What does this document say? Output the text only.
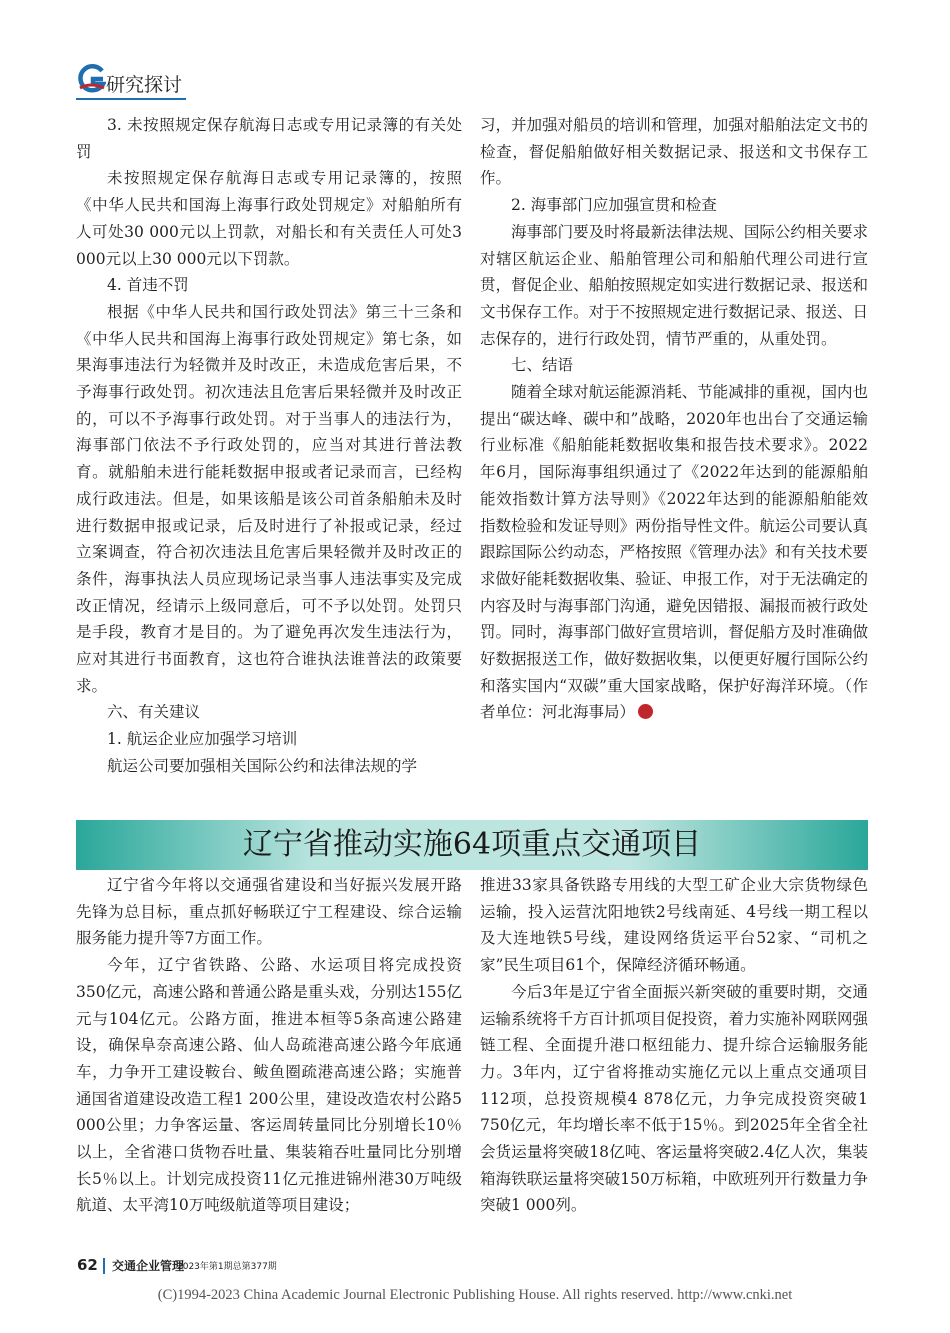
研究探讨

3. 未按照规定保存航海日志或专用记录簿的有关处罚

未按照规定保存航海日志或专用记录簿的，按照《中华人民共和国海上海事行政处罚规定》对船舶所有人可处30 000元以上罚款，对船长和有关责任人可处3 000元以上30 000元以下罚款。

4. 首违不罚

根据《中华人民共和国行政处罚法》第三十三条和《中华人民共和国海上海事行政处罚规定》第七条，如果海事违法行为轻微并及时改正，未造成危害后果，不予海事行政处罚。初次违法且危害后果轻微并及时改正的，可以不予海事行政处罚。对于当事人的违法行为，海事部门依法不予行政处罚的，应当对其进行普法教育。就船舶未进行能耗数据申报或者记录而言，已经构成行政违法。但是，如果该船是该公司首条船舶未及时进行数据申报或记录，后及时进行了补报或记录，经过立案调查，符合初次违法且危害后果轻微并及时改正的条件，海事执法人员应现场记录当事人违法事实及完成改正情况，经请示上级同意后，可不予以处罚。处罚只是手段，教育才是目的。为了避免再次发生违法行为，应对其进行书面教育，这也符合谁执法谁普法的政策要求。

六、有关建议

1. 航运企业应加强学习培训

航运公司要加强相关国际公约和法律法规的学

习，并加强对船员的培训和管理，加强对船舶法定文书的检查，督促船舶做好相关数据记录、报送和文书保存工作。

2. 海事部门应加强宣贯和检查

海事部门要及时将最新法律法规、国际公约相关要求对辖区航运企业、船舶管理公司和船舶代理公司进行宣贯，督促企业、船舶按照规定如实进行数据记录、报送和文书保存工作。对于不按照规定进行数据记录、报送、日志保存的，进行行政处罚，情节严重的，从重处罚。

七、结语

随着全球对航运能源消耗、节能减排的重视，国内也提出“碳达峰、碳中和”战略，2020年也出台了交通运输行业标准《船舶能耗数据收集和报告技术要求》。2022年6月，国际海事组织通过了《2022年达到的能源船舶能效指数计算方法导则》《2022年达到的能源船舶能效指数检验和发证导则》两份指导性文件。航运公司要认真跟踪国际公约动态，严格按照《管理办法》和有关技术要求做好能耗数据收集、验证、申报工作，对于无法确定的内容及时与海事部门沟通，避免因错报、漏报而被行政处罚。同时，海事部门做好宣贯培训，督促船方及时准确做好数据报送工作，做好数据收集，以便更好履行国际公约和落实国内“双碳”重大国家战略，保护好海洋环境。（作者单位：河北海事局）

辽宁省推动实施64项重点交通项目

辽宁省今年将以交通强省建设和当好振兴发展开路先锋为总目标，重点抓好畅联辽宁工程建设、综合运输服务能力提升等7方面工作。

今年，辽宁省铁路、公路、水运项目将完成投资350亿元，高速公路和普通公路是重头戏，分别达155亿元与104亿元。公路方面，推进本桓等5条高速公路建设，确保阜奈高速公路、仙人岛疏港高速公路今年底通车，力争开工建设鞍台、鲅鱼圈疏港高速公路；实施普通国省道建设改造工程1 200公里，建设改造农村公路5 000公里；力争客运量、客运周转量同比分别增长10％以上，全省港口货物吞吐量、集装箱吞吐量同比分别增长5％以上。计划完成投资11亿元推进锦州港30万吨级航道、太平湾10万吨级航道等项目建设；

推进33家具备铁路专用线的大型工矿企业大宗货物绿色运输，投入运营沈阳地铁2号线南延、4号线一期工程以及大连地铁5号线，建设网络货运平台52家、“司机之家”民生项目61个，保障经济循环畅通。

今后3年是辽宁省全面振兴新突破的重要时期，交通运输系统将千方百计抓项目促投资，着力实施补网联网强链工程、全面提升港口枢纽能力、提升综合运输服务能力。3年内，辽宁省将推动实施亿元以上重点交通项目112项，总投资规模4 878亿元，力争完成投资突破1 750亿元，年均增长率不低于15％。到2025年全省全社会货运量将突破18亿吨、客运量将突破2.4亿人次，集装箱海铁联运量将突破150万标箱，中欧班列开行数量力争突破1 000列。

62 交通企业管理
2023年第1期总第377期
(C)1994-2023 China Academic Journal Electronic Publishing House. All rights reserved. http://www.cnki.net
